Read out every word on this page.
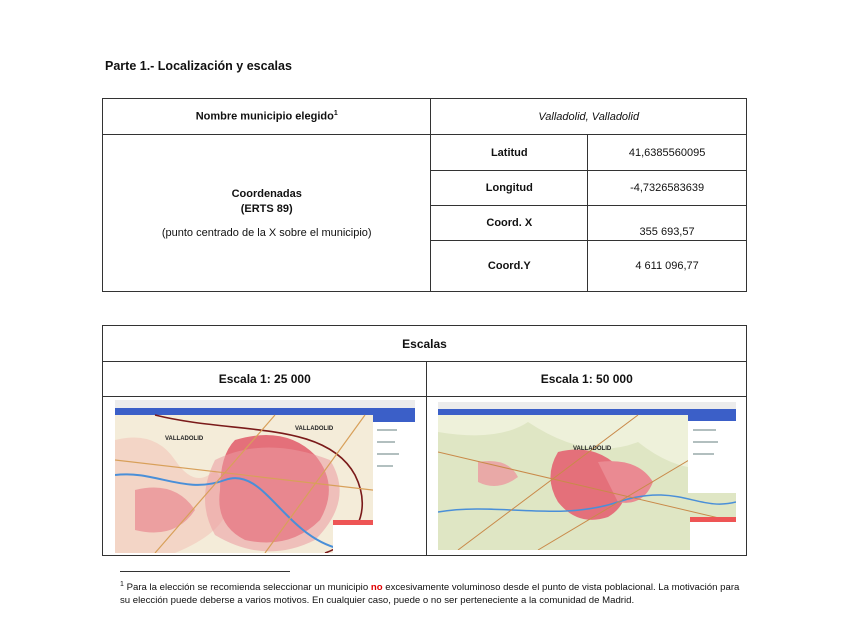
Parte 1.- Localización y escalas
Nombre municipio elegido$^1$	Valladolid, Valladolid	

Coordenadas
(ERTS 89)
(punto centrado de la X sobre el municipio)	Latitud	41,6385560095
	Longitud	-4,7326583639
	Coord. X	355 693,57
	Coord.Y	4 611 096,77
Escalas	
Escala 1: 25 000	Escala 1: 50 000

VALLADOLID
VALLADOLID	VALLADOLID
$^1$ Para la elección se recomienda seleccionar un municipio no excesivamente voluminoso desde el punto de vista poblacional. La motivación para su elección puede deberse a varios motivos. En cualquier caso, puede o no ser perteneciente a la comunidad de Madrid.
